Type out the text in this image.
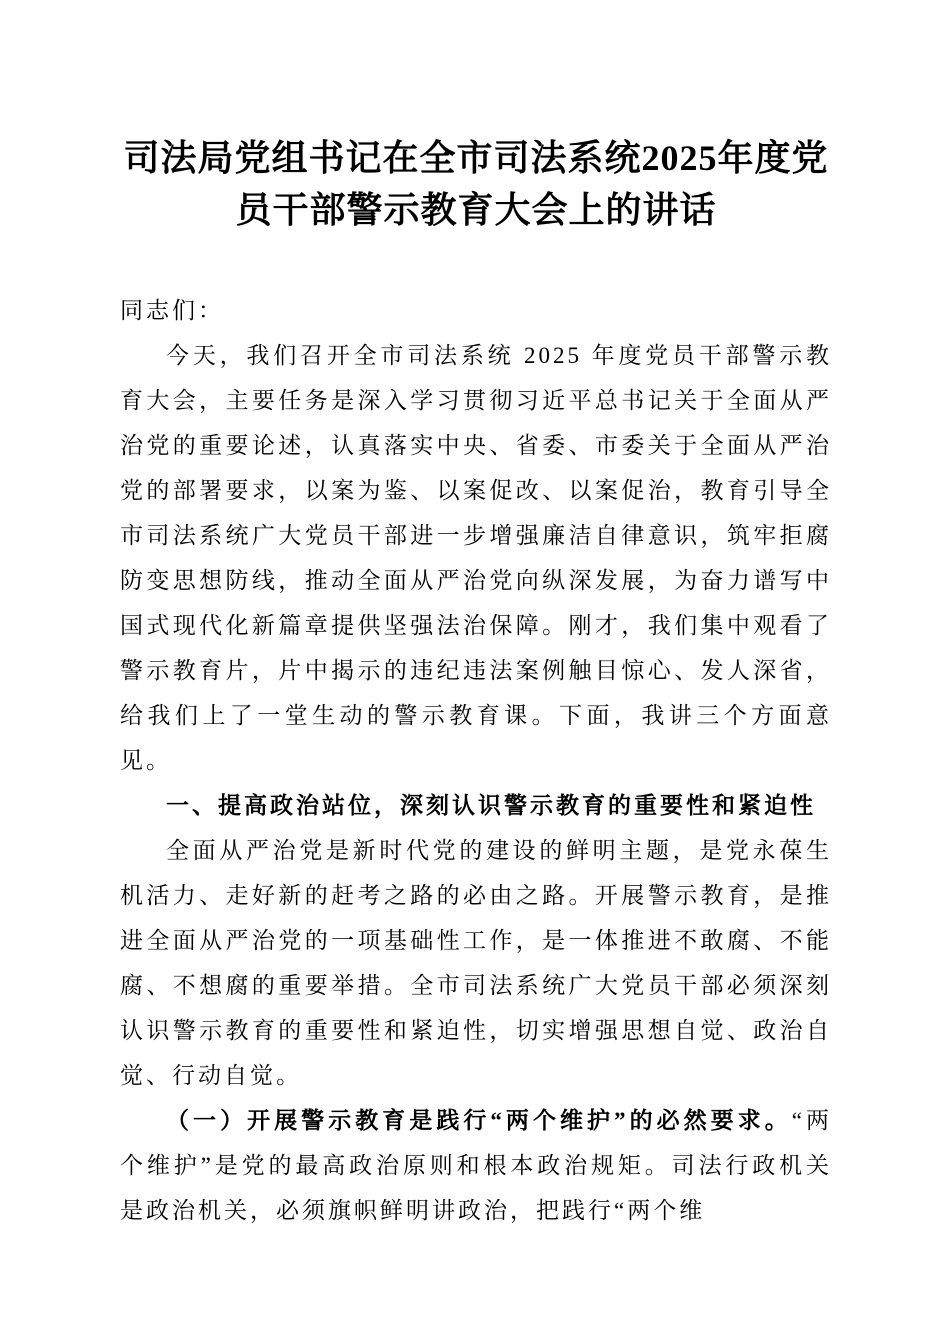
司法局党组书记在全市司法系统2025年度党员干部警示教育大会上的讲话

同志们：

今天，我们召开全市司法系统 2025 年度党员干部警示教育大会，主要任务是深入学习贯彻习近平总书记关于全面从严治党的重要论述，认真落实中央、省委、市委关于全面从严治党的部署要求，以案为鉴、以案促改、以案促治，教育引导全市司法系统广大党员干部进一步增强廉洁自律意识，筑牢拒腐防变思想防线，推动全面从严治党向纵深发展，为奋力谱写中国式现代化新篇章提供坚强法治保障。刚才，我们集中观看了警示教育片，片中揭示的违纪违法案例触目惊心、发人深省，给我们上了一堂生动的警示教育课。下面，我讲三个方面意见。

一、提高政治站位，深刻认识警示教育的重要性和紧迫性

全面从严治党是新时代党的建设的鲜明主题，是党永葆生机活力、走好新的赶考之路的必由之路。开展警示教育，是推进全面从严治党的一项基础性工作，是一体推进不敢腐、不能腐、不想腐的重要举措。全市司法系统广大党员干部必须深刻认识警示教育的重要性和紧迫性，切实增强思想自觉、政治自觉、行动自觉。

（一）开展警示教育是践行“两个维护”的必然要求。“两个维护”是党的最高政治原则和根本政治规矩。司法行政机关是政治机关，必须旗帜鲜明讲政治，把践行“两个维
